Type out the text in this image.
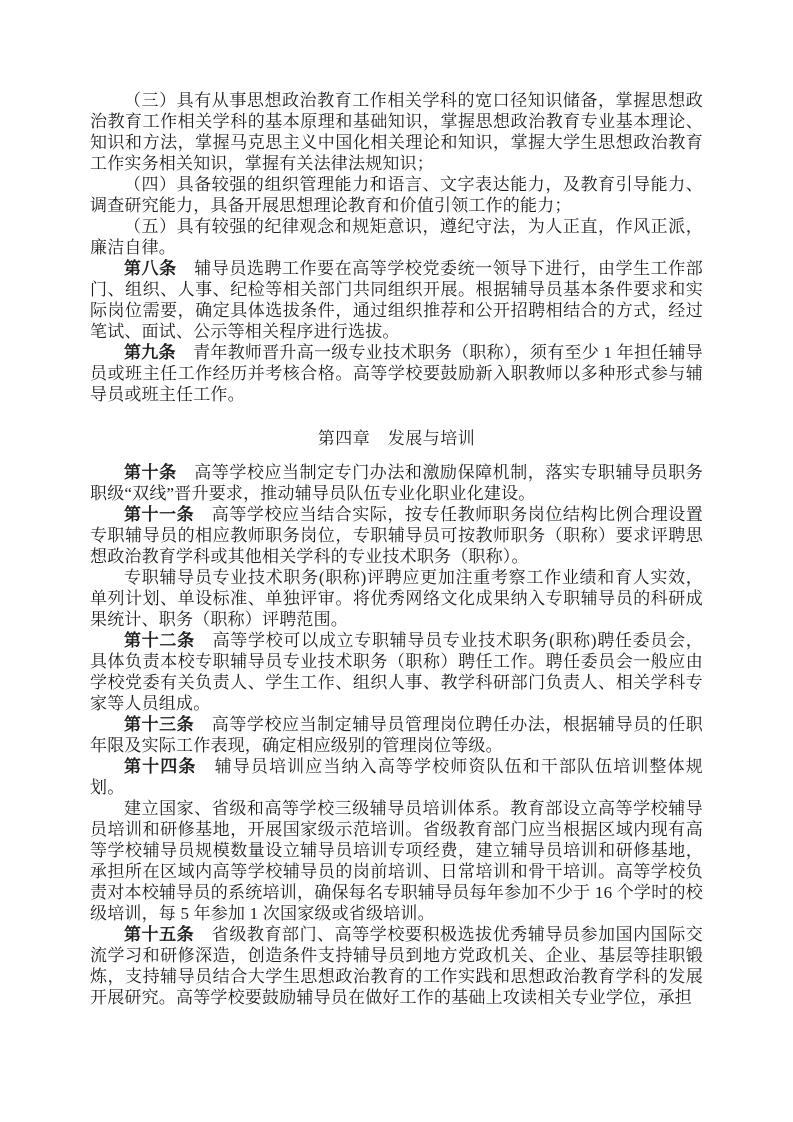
（三）具有从事思想政治教育工作相关学科的宽口径知识储备，掌握思想政治教育工作相关学科的基本原理和基础知识，掌握思想政治教育专业基本理论、知识和方法，掌握马克思主义中国化相关理论和知识，掌握大学生思想政治教育工作实务相关知识，掌握有关法律法规知识；

（四）具备较强的组织管理能力和语言、文字表达能力，及教育引导能力、调查研究能力，具备开展思想理论教育和价值引领工作的能力；

（五）具有较强的纪律观念和规矩意识，遵纪守法，为人正直，作风正派，廉洁自律。

第八条　 辅导员选聘工作要在高等学校党委统一领导下进行，由学生工作部门、组织、人事、纪检等相关部门共同组织开展。根据辅导员基本条件要求和实际岗位需要，确定具体选拔条件，通过组织推荐和公开招聘相结合的方式，经过笔试、面试、公示等相关程序进行选拔。

第九条　 青年教师晋升高一级专业技术职务（职称），须有至少 1 年担任辅导员或班主任工作经历并考核合格。高等学校要鼓励新入职教师以多种形式参与辅导员或班主任工作。

第四章　发展与培训

第十条　 高等学校应当制定专门办法和激励保障机制，落实专职辅导员职务职级“双线”晋升要求，推动辅导员队伍专业化职业化建设。

第十一条　 高等学校应当结合实际，按专任教师职务岗位结构比例合理设置专职辅导员的相应教师职务岗位，专职辅导员可按教师职务（职称）要求评聘思想政治教育学科或其他相关学科的专业技术职务（职称）。

专职辅导员专业技术职务(职称)评聘应更加注重考察工作业绩和育人实效，单列计划、单设标准、单独评审。将优秀网络文化成果纳入专职辅导员的科研成果统计、职务（职称）评聘范围。

第十二条　 高等学校可以成立专职辅导员专业技术职务(职称)聘任委员会，具体负责本校专职辅导员专业技术职务（职称）聘任工作。聘任委员会一般应由学校党委有关负责人、学生工作、组织人事、教学科研部门负责人、相关学科专家等人员组成。

第十三条　 高等学校应当制定辅导员管理岗位聘任办法，根据辅导员的任职年限及实际工作表现，确定相应级别的管理岗位等级。

第十四条　 辅导员培训应当纳入高等学校师资队伍和干部队伍培训整体规划。

建立国家、省级和高等学校三级辅导员培训体系。教育部设立高等学校辅导员培训和研修基地，开展国家级示范培训。省级教育部门应当根据区域内现有高等学校辅导员规模数量设立辅导员培训专项经费，建立辅导员培训和研修基地，承担所在区域内高等学校辅导员的岗前培训、日常培训和骨干培训。高等学校负责对本校辅导员的系统培训，确保每名专职辅导员每年参加不少于 16 个学时的校级培训，每 5 年参加 1 次国家级或省级培训。

第十五条　 省级教育部门、高等学校要积极选拔优秀辅导员参加国内国际交流学习和研修深造，创造条件支持辅导员到地方党政机关、企业、基层等挂职锻炼，支持辅导员结合大学生思想政治教育的工作实践和思想政治教育学科的发展开展研究。高等学校要鼓励辅导员在做好工作的基础上攻读相关专业学位，承担
